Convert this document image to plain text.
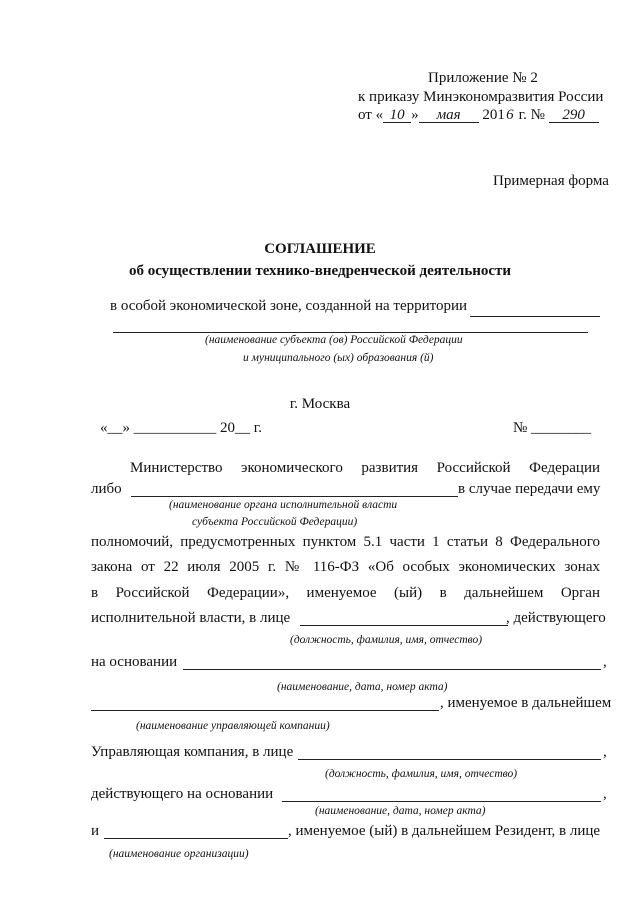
Приложение № 2
к приказу Минэкономразвития России
от « 10 » мая 2016 г. № 290
Примерная форма
СОГЛАШЕНИЕ
об осуществлении технико-внедренческой деятельности
в особой экономической зоне, созданной на территории
(наименование субъекта (ов) Российской Федерации
и муниципального (ых) образования (й)
г. Москва
«__» ___________ 20__ г.	№ ________
Министерство экономического развития Российской Федерации
либо	в случае передачи ему
(наименование органа исполнительной власти
субъекта Российской Федерации)
полномочий, предусмотренных пунктом 5.1 части 1 статьи 8 Федерального
закона от 22 июля 2005 г. № 116-ФЗ «Об особых экономических зонах
в Российской Федерации», именуемое (ый) в дальнейшем Орган
исполнительной власти, в лице	, действующего
(должность, фамилия, имя, отчество)
на основании	,
(наименование, дата, номер акта)
, именуемое в дальнейшем
(наименование управляющей компании)
Управляющая компания, в лице	,
(должность, фамилия, имя, отчество)
действующего на основании	,
(наименование, дата, номер акта)
и	, именуемое (ый) в дальнейшем Резидент, в лице
(наименование организации)
